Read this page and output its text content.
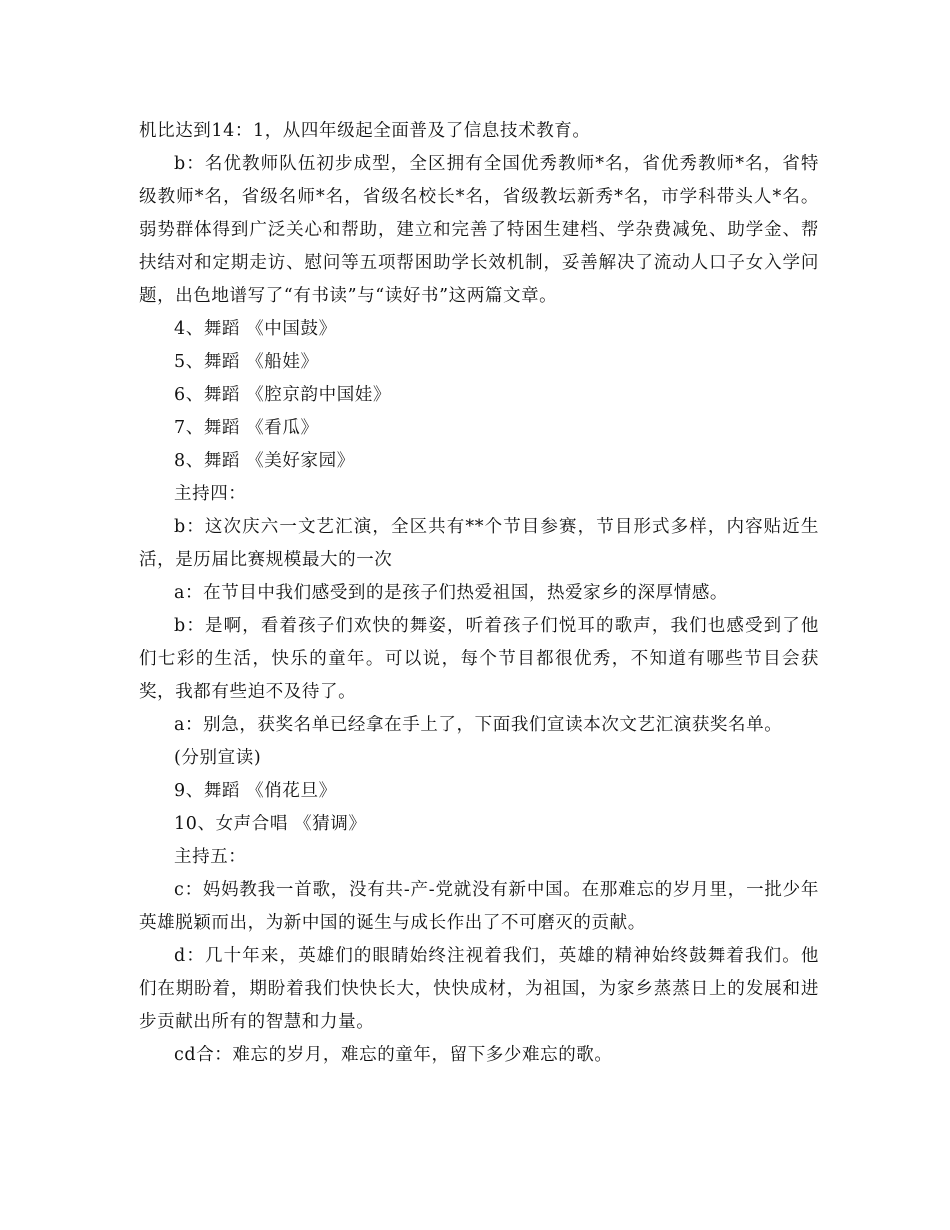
机比达到14：1，从四年级起全面普及了信息技术教育。

b：名优教师队伍初步成型，全区拥有全国优秀教师*名，省优秀教师*名，省特级教师*名，省级名师*名，省级名校长*名，省级教坛新秀*名，市学科带头人*名。弱势群体得到广泛关心和帮助，建立和完善了特困生建档、学杂费减免、助学金、帮扶结对和定期走访、慰问等五项帮困助学长效机制，妥善解决了流动人口子女入学问题，出色地谱写了“有书读”与“读好书”这两篇文章。

4、舞蹈 《中国鼓》

5、舞蹈 《船娃》

6、舞蹈 《腔京韵中国娃》

7、舞蹈 《看瓜》

8、舞蹈 《美好家园》

主持四：

b：这次庆六一文艺汇演，全区共有**个节目参赛，节目形式多样，内容贴近生活，是历届比赛规模最大的一次

a：在节目中我们感受到的是孩子们热爱祖国，热爱家乡的深厚情感。

b：是啊，看着孩子们欢快的舞姿，听着孩子们悦耳的歌声，我们也感受到了他们七彩的生活，快乐的童年。可以说，每个节目都很优秀，不知道有哪些节目会获奖，我都有些迫不及待了。

a：别急，获奖名单已经拿在手上了，下面我们宣读本次文艺汇演获奖名单。

(分别宣读)

9、舞蹈 《俏花旦》

10、女声合唱 《猜调》

主持五：

c：妈妈教我一首歌，没有共-产-党就没有新中国。在那难忘的岁月里，一批少年英雄脱颖而出，为新中国的诞生与成长作出了不可磨灭的贡献。

d：几十年来，英雄们的眼睛始终注视着我们，英雄的精神始终鼓舞着我们。他们在期盼着，期盼着我们快快长大，快快成材，为祖国，为家乡蒸蒸日上的发展和进步贡献出所有的智慧和力量。

cd合：难忘的岁月，难忘的童年，留下多少难忘的歌。
